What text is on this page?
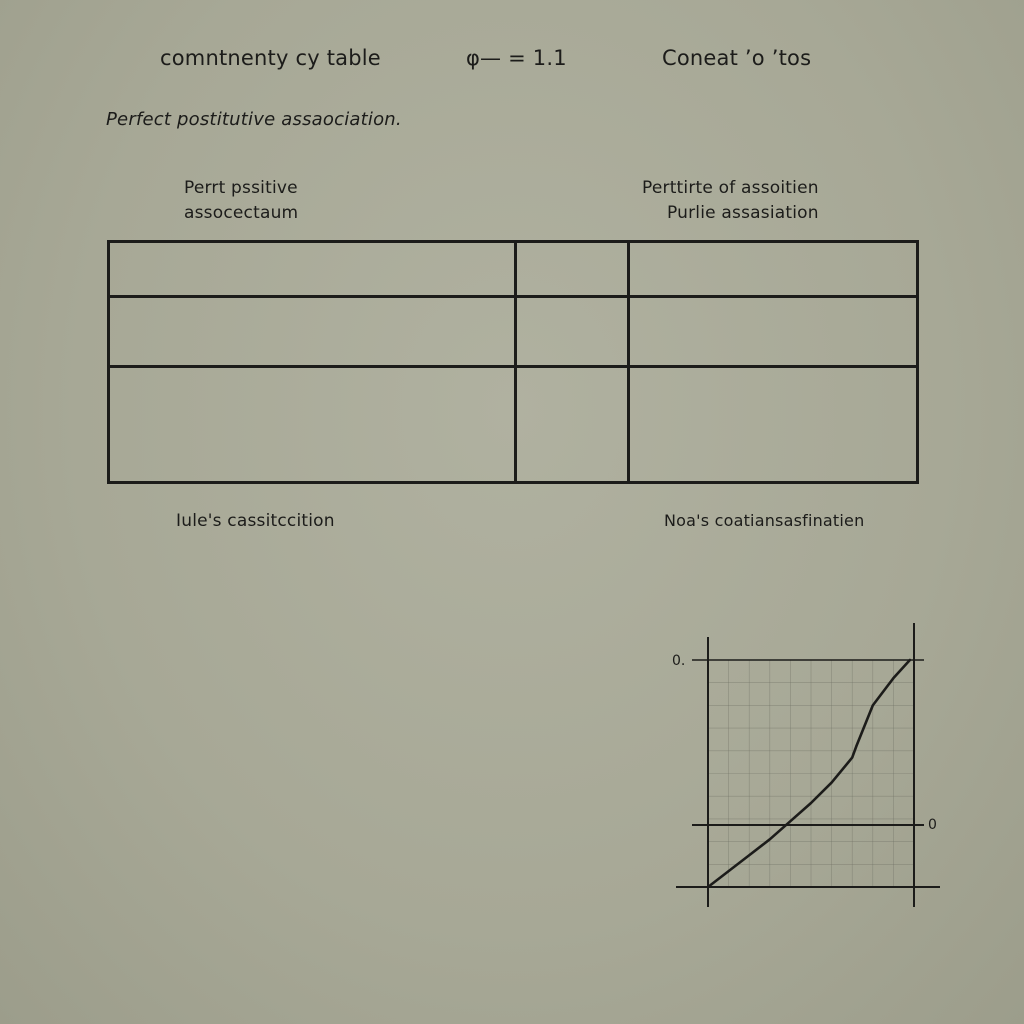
comntnenty cy table	φ— = 1.1	Coneat ’o ’tos
Perfect postitutive assaociation.
Perrt pssitive
assocectaum
Perttirte of assoitien
Purlie assasiation
Iule's cassitccition	Noa's coatiansasfinatien
0.
0
